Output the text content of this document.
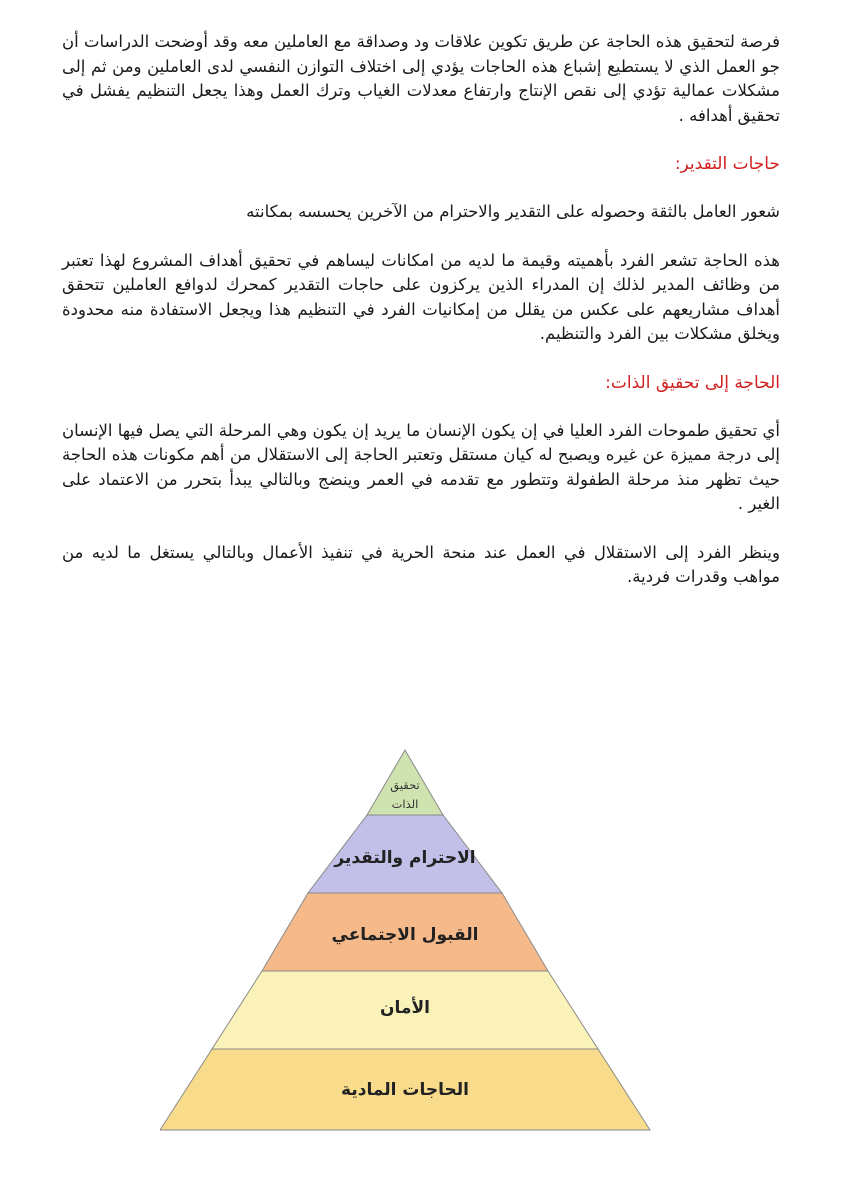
فرصة لتحقيق هذه الحاجة عن طريق تكوين علاقات ود وصداقة مع العاملين معه وقد أوضحت الدراسات أن جو العمل الذي لا يستطيع إشباع هذه الحاجات يؤدي إلى اختلاف التوازن النفسي لدى العاملين ومن ثم إلى مشكلات عمالية تؤدي إلى نقص الإنتاج وارتفاع معدلات الغياب وترك العمل وهذا يجعل التنظيم يفشل في تحقيق أهدافه .

حاجات التقدير:

شعور العامل بالثقة وحصوله على التقدير والاحترام من الآخرين يحسسه بمكانته

هذه الحاجة تشعر الفرد بأهميته وقيمة ما لديه من امكانات ليساهم في تحقيق أهداف المشروع لهذا تعتبر من وظائف المدير لذلك إن المدراء الذين يركزون على حاجات التقدير كمحرك لدوافع العاملين تتحقق أهداف مشاريعهم على عكس من يقلل من إمكانيات الفرد في التنظيم هذا ويجعل الاستفادة منه محدودة ويخلق مشكلات بين الفرد والتنظيم.

الحاجة إلى تحقيق الذات:

أي تحقيق طموحات الفرد العليا في إن يكون الإنسان ما يريد إن يكون وهي المرحلة التي يصل فيها الإنسان إلى درجة مميزة عن غيره ويصبح له كيان مستقل وتعتبر الحاجة إلى الاستقلال من أهم مكونات هذه الحاجة حيث تظهر منذ مرحلة الطفولة وتتطور مع تقدمه في العمر وينضج وبالتالي يبدأ بتحرر من الاعتماد على الغير .

وينظر الفرد إلى الاستقلال في العمل عند منحة الحرية في تنفيذ الأعمال وبالتالي يستغل ما لديه من مواهب وقدرات فردية.

تحقيق
الذات
الاحترام والتقدير
القبول الاجتماعي
الأمان
الحاجات المادية
